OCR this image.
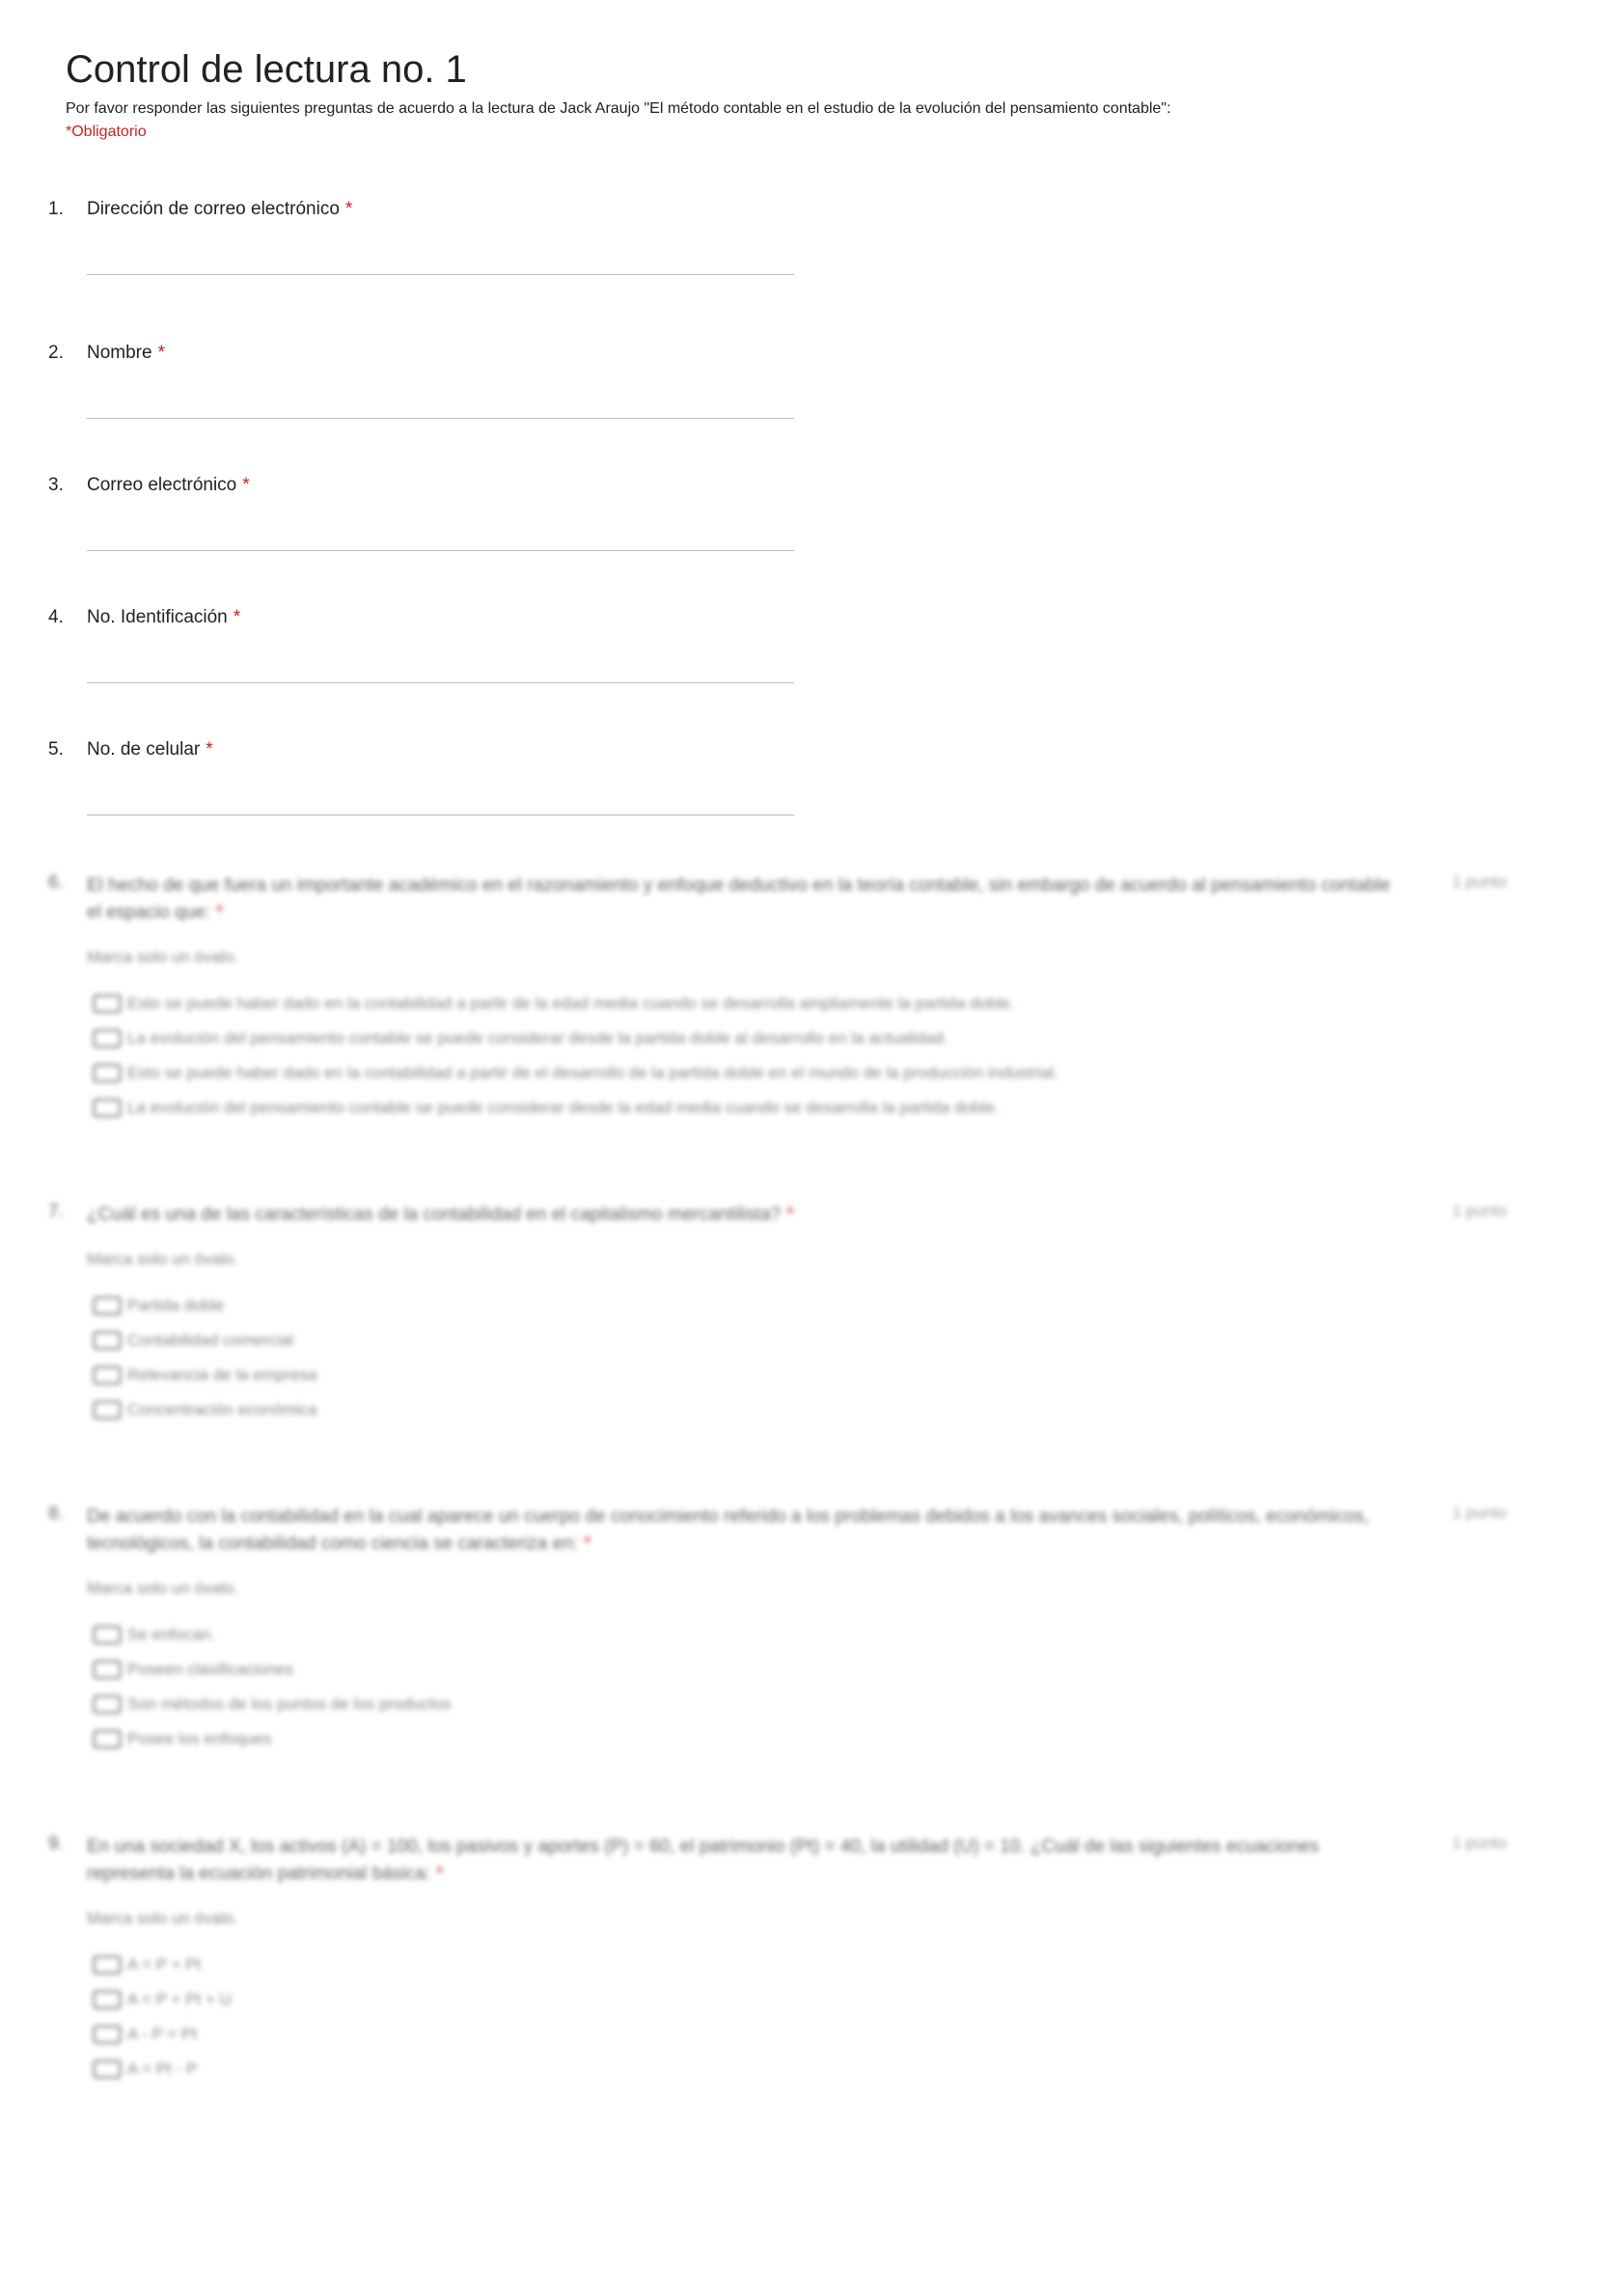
Control de lectura no. 1

Por favor responder las siguientes preguntas de acuerdo a la lectura de Jack Araujo "El método contable en el estudio de la evolución del pensamiento contable":

*Obligatorio

1. Dirección de correo electrónico *
2. Nombre *
3. Correo electrónico *
4. No. Identificación *
5. No. de celular *
6. El hecho de que fuera un importante académico en el razonamiento y enfoque deductivo en la teoría contable, sin embargo de acuerdo al pensamiento contable el espacio que: *
1 punto
Marca solo un óvalo.
Esto se puede haber dado en la contabilidad a partir de la edad media cuando se desarrolla ampliamente la partida doble.
La evolución del pensamiento contable se puede considerar desde la partida doble al desarrollo en la actualidad.
Esto se puede haber dado en la contabilidad a partir de el desarrollo de la partida doble en el mundo de la producción industrial.
La evolución del pensamiento contable se puede considerar desde la edad media cuando se desarrolla la partida doble.
7. ¿Cuál es una de las características de la contabilidad en el capitalismo mercantilista? *	1 punto
Marca solo un óvalo.
Partida doble
Contabilidad comercial
Relevancia de la empresa
Concentración económica
8. De acuerdo con la contabilidad en la cual aparece un cuerpo de conocimiento referido a los problemas debidos a los avances sociales, políticos, económicos, tecnológicos, la contabilidad como ciencia se caracteriza en: *
1 punto
Marca solo un óvalo.
Se enfocan.
Poseen clasificaciones
Son métodos de los puntos de los productos
Posee los enfoques
9. En una sociedad X, los activos (A) = 100, los pasivos y aportes (P) = 60, el patrimonio (Pt) = 40, la utilidad (U) = 10. ¿Cuál de las siguientes ecuaciones representa la ecuación patrimonial básica: *
1 punto
Marca solo un óvalo.
A = P + Pt
A = P + Pt + U
A - P = Pt
A = Pt - P
